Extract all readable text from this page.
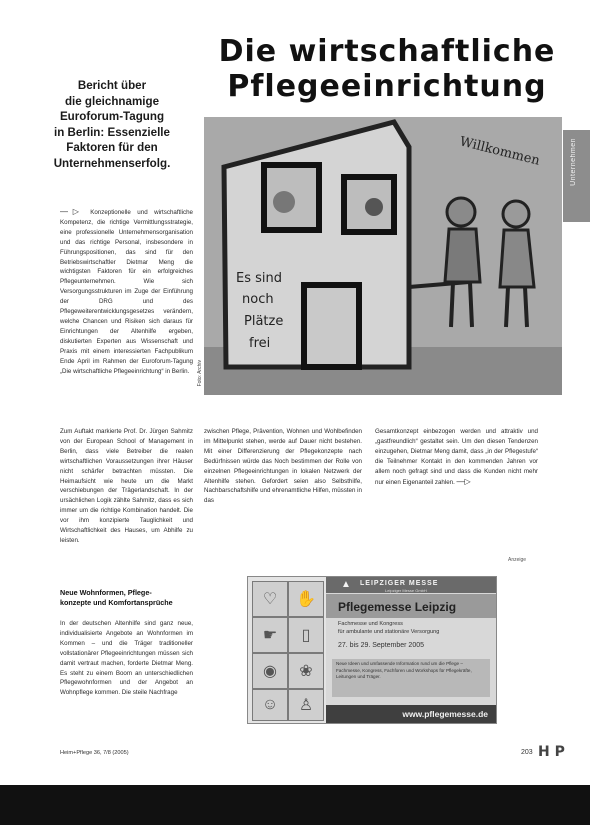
Die wirtschaftliche
Pflegeeinrichtung
Bericht über
die gleichnamige
Euroforum-Tagung
in Berlin: Essenzielle
Faktoren für den
Unternehmenserfolg.	Unternehmen
Willkommen
Es sind
noch
Plätze
frei
Foto: Archiv
—▷ Konzeptionelle und wirtschaftliche Kompetenz, die richtige Vermittlungsstrategie, eine professionelle Unternehmensorganisation und das richtige Personal, insbesondere in Führungspositionen, das sind für den Betriebswirtschaftler Dietmar Meng die wichtigsten Faktoren für ein erfolgreiches Pflegeunternehmen. Wie sich Versorgungsstrukturen im Zuge der Einführung der DRG und des Pflegeweiterentwicklungsgesetzes verändern, welche Chancen und Risiken sich daraus für Einrichtungen der Altenhilfe ergeben, diskutierten Experten aus Wissenschaft und Praxis mit einem interessierten Fachpublikum Ende April im Rahmen der Euroforum-Tagung „Die wirtschaftliche Pflegeeinrichtung“ in Berlin.
Zum Auftakt markierte Prof. Dr. Jürgen Sahmitz von der European School of Management in Berlin, dass viele Betreiber die realen wirtschaftlichen Voraussetzungen ihrer Häuser nicht schärfer betrachten müssten. Die Heimaufsicht wie heute um die Markt verschiebungen der Trägerlandschaft. In der ursächlichen Logik zählte Sahmitz, dass es sich immer um die richtige Kombination handelt. Die vor ihm konzipierte Tauglichkeit und Wirtschaftlichkeit des Hauses, um Abhilfe zu leisten.
Neue Wohnformen, Pflege-
konzepte und Komfortansprüche
In der deutschen Altenhilfe sind ganz neue, individualisierte Angebote an Wohnformen im Kommen – und die Träger traditioneller vollstationärer Pflegeeinrichtungen müssen sich damit vertraut machen, forderte Dietmar Meng. Es steht zu einem Boom an unterschiedlichen Pflegewohnformen und der Angebot an Wohnpflege kommen. Die steile Nachfrage
zwischen Pflege, Prävention, Wohnen und Wohlbefinden im Mittelpunkt stehen, werde auf Dauer nicht bestehen. Mit einer Differenzierung der Pflegekonzepte nach Bedürfnissen würde das Noch bestimmen der Rolle von einzelnen Pflegeeinrichtungen in lokalen Netzwerk der Altenhilfe stehen. Gefordert seien also Selbsthilfe, Nachbarschaftshilfe und ehrenamtliche Hilfen, müssten in das
Gesamtkonzept einbezogen werden und attraktiv und „gastfreundlich“ gestaltet sein. Um den diesen Tendenzen einzugehen, Dietmar Meng damit, dass „in der Pflegestufe“ die Teilnehmer Kontakt in den kommenden Jahren vor allem noch gefragt sind und dass die Kunden nicht mehr nur einen Eigenanteil zahlen. —▷
Anzeige
♡	✋
☛	▯
◉	❀
☺	♙
▲ LEIPZIGER MESSE
Leipziger Messe GmbH
Pflegemesse Leipzig
Fachmesse und Kongress
für ambulante und stationäre Versorgung
27. bis 29. September 2005
Neue Ideen und umfassende Information rund um die Pflege – Fachmesse, Kongress, Fachforen und Workshops für Pflegekräfte, Leitungen und Träger.
www.pflegemesse.de
Heim+Pflege 36, 7/8 (2005)	203 H P
